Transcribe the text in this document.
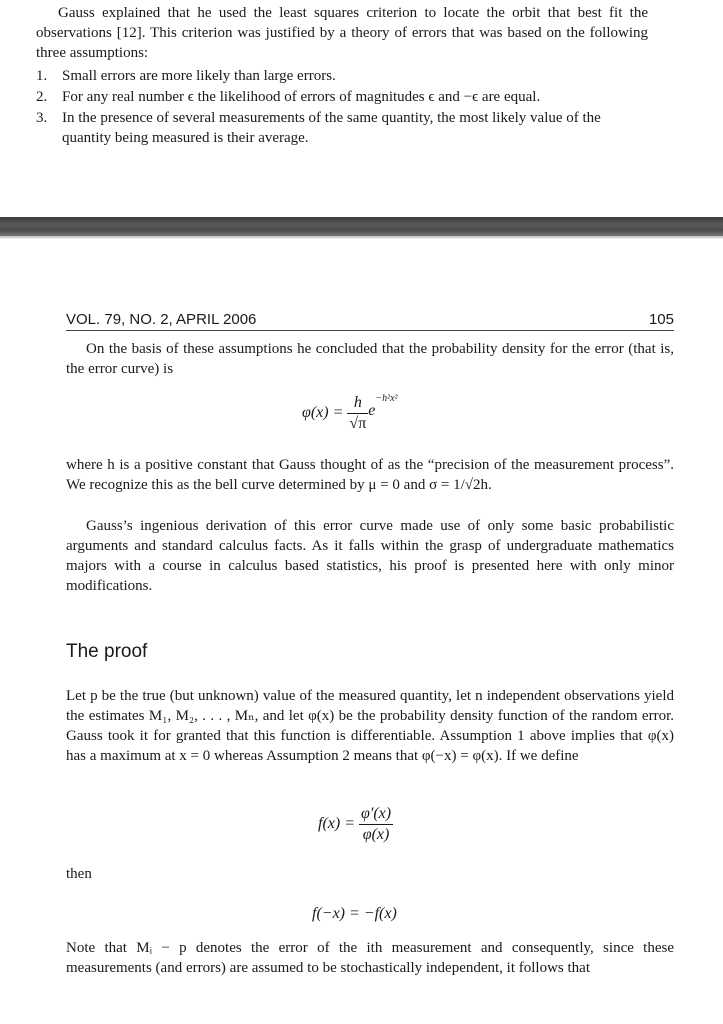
Gauss explained that he used the least squares criterion to locate the orbit that best fit the observations [12]. This criterion was justified by a theory of errors that was based on the following three assumptions:
1. Small errors are more likely than large errors.
2. For any real number ϵ the likelihood of errors of magnitudes ϵ and −ϵ are equal.
3. In the presence of several measurements of the same quantity, the most likely value of the quantity being measured is their average.
VOL. 79, NO. 2, APRIL 2006	105
On the basis of these assumptions he concluded that the probability density for the error (that is, the error curve) is
$\varphi(x) = \frac{h}{√\pi} e^{-h^2x^2}$
where h is a positive constant that Gauss thought of as the “precision of the measurement process”. We recognize this as the bell curve determined by μ = 0 and σ = 1/√2h.
Gauss’s ingenious derivation of this error curve made use of only some basic probabilistic arguments and standard calculus facts. As it falls within the grasp of undergraduate mathematics majors with a course in calculus based statistics, his proof is presented here with only minor modifications.
The proof
Let p be the true (but unknown) value of the measured quantity, let n independent observations yield the estimates M₁, M₂, . . . , Mₙ, and let φ(x) be the probability density function of the random error. Gauss took it for granted that this function is differentiable. Assumption 1 above implies that φ(x) has a maximum at x = 0 whereas Assumption 2 means that φ(−x) = φ(x). If we define
$f(x) = \frac{\varphi'(x)}{\varphi(x)}$
then
f(−x) = −f(x)
Note that Mᵢ − p denotes the error of the ith measurement and consequently, since these measurements (and errors) are assumed to be stochastically independent, it follows that
